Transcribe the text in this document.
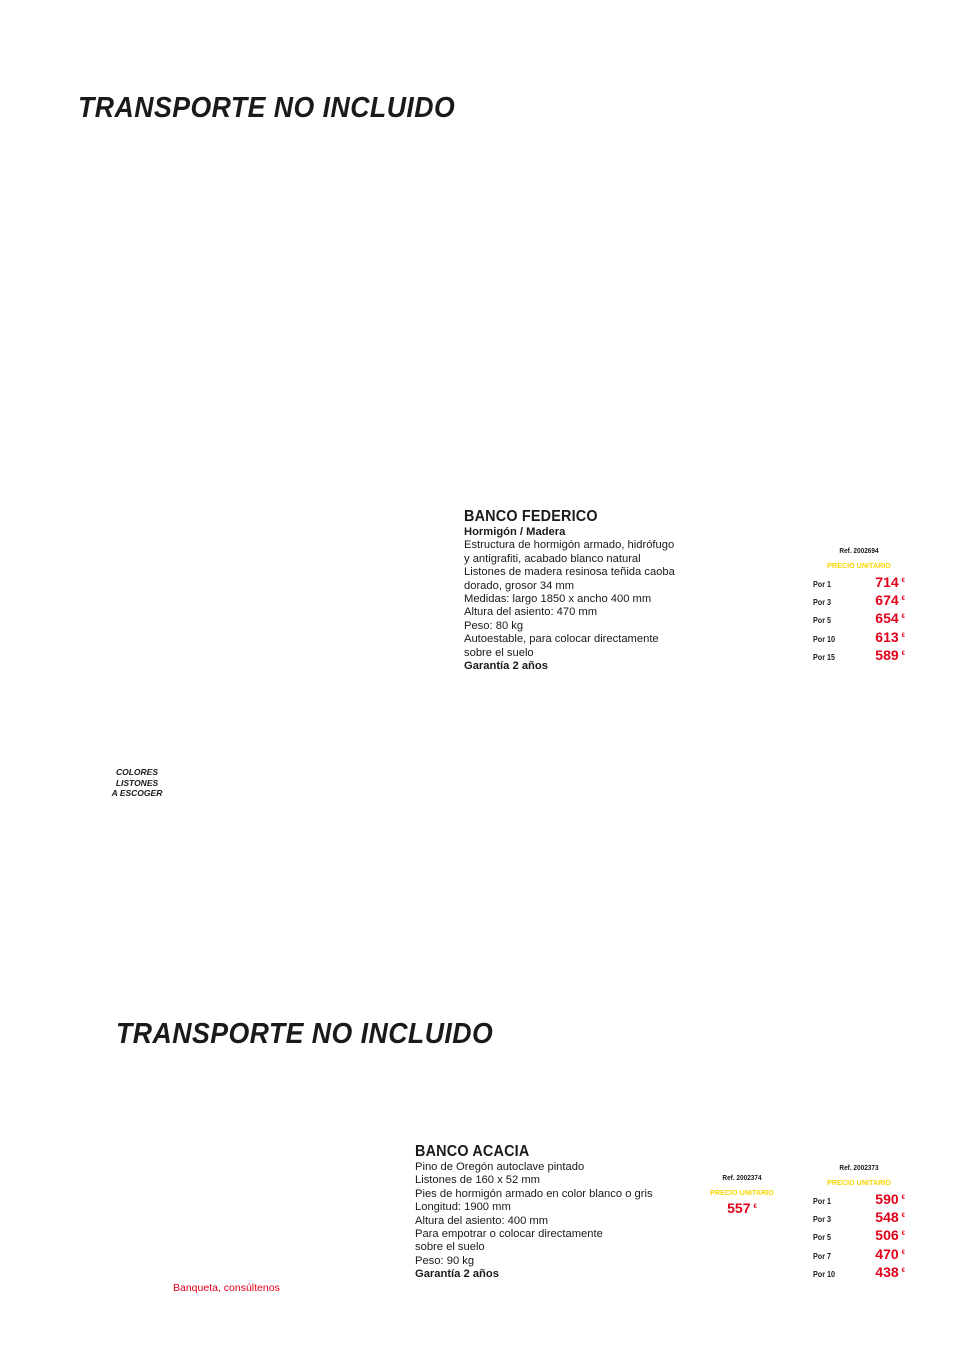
TRANSPORTE NO INCLUIDO
BANCO FEDERICO
Hormigón / Madera
Estructura de hormigón armado, hidrófugo
y antigrafiti, acabado blanco natural
Listones de madera resinosa teñida caoba
dorado, grosor 34 mm
Medidas: largo 1850 x ancho 400 mm
Altura del asiento: 470 mm
Peso: 80 kg
Autoestable, para colocar directamente
sobre el suelo
Garantía 2 años
Ref. 2002694
PRECIO UNITARIO
Por 1	714 €
Por 3	674 €
Por 5	654 €
Por 10	613 €
Por 15	589 €
COLORES
LISTONES
A ESCOGER
TRANSPORTE NO INCLUIDO
BANCO ACACIA
Pino de Oregón autoclave pintado
Listones de 160 x 52 mm
Pies de hormigón armado en color blanco o gris
Longitud: 1900 mm
Altura del asiento: 400 mm
Para empotrar o colocar directamente
sobre el suelo
Peso: 90 kg
Garantía 2 años
Ref. 2002374
PRECIO UNITARIO
557 €
Ref. 2002373
PRECIO UNITARIO
Por 1	590 €
Por 3	548 €
Por 5	506 €
Por 7	470 €
Por 10	438 €
Banqueta, consúltenos
